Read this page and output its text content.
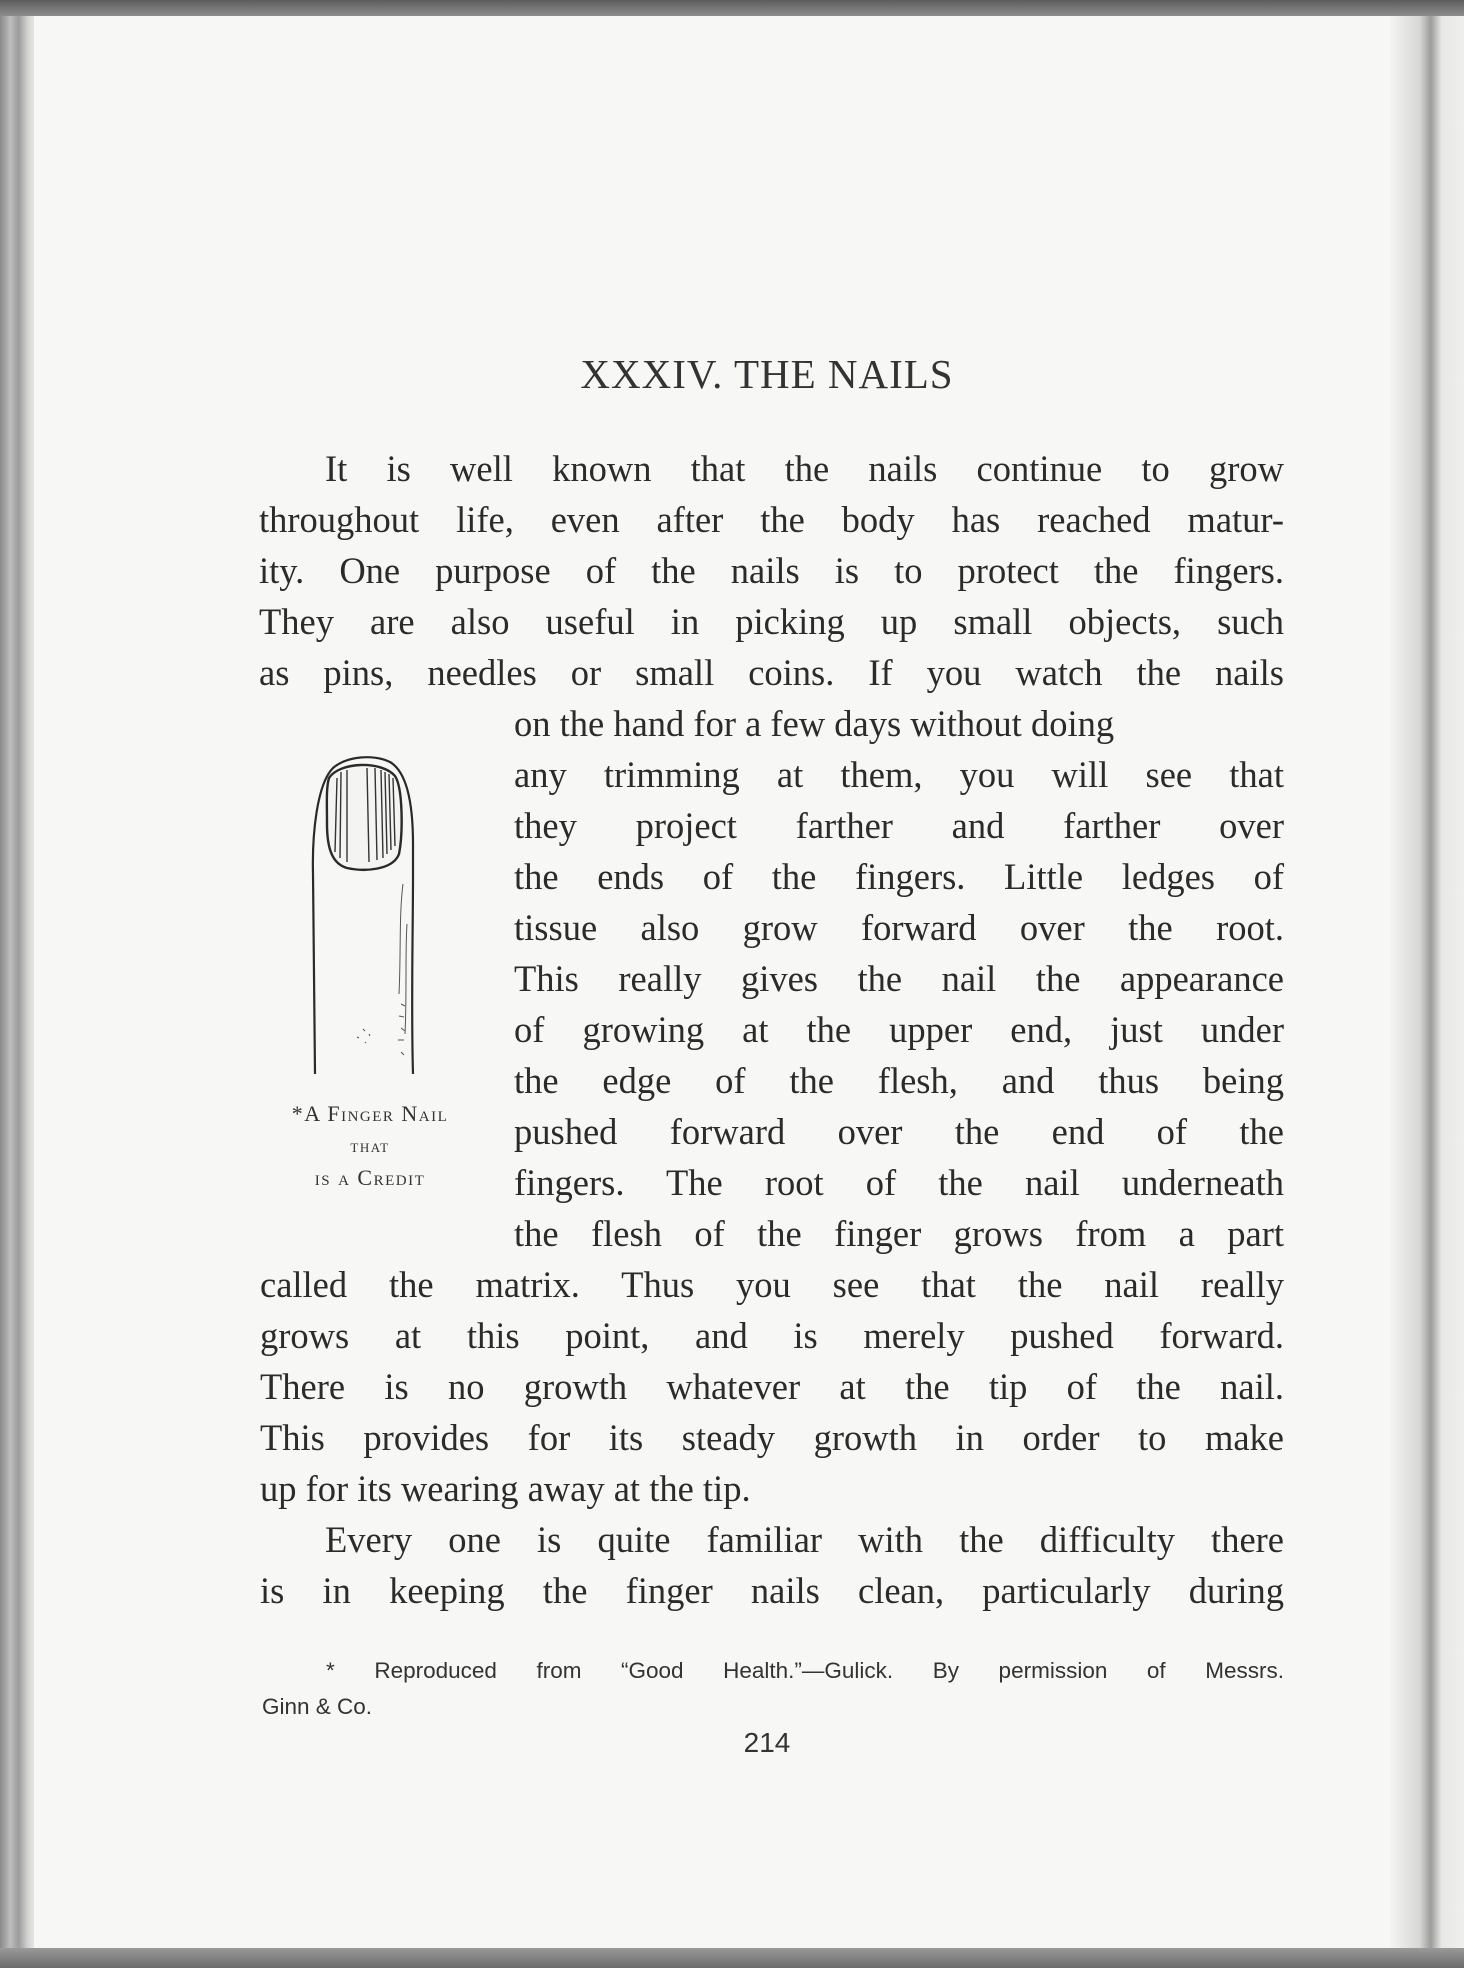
XXXIV. THE NAILS
It is well known that the nails continue to grow
throughout life, even after the body has reached matur-
ity. One purpose of the nails is to protect the fingers.
They are also useful in picking up small objects, such
as pins, needles or small coins. If you watch the nails
on the hand for a few days without doing
any trimming at them, you will see that
they project farther and farther over
the ends of the fingers. Little ledges of
tissue also grow forward over the root.
This really gives the nail the appearance
of growing at the upper end, just under
the edge of the flesh, and thus being
pushed forward over the end of the
fingers. The root of the nail underneath
the flesh of the finger grows from a part
called the matrix. Thus you see that the nail really
grows at this point, and is merely pushed forward.
There is no growth whatever at the tip of the nail.
This provides for its steady growth in order to make
up for its wearing away at the tip.
Every one is quite familiar with the difficulty there
is in keeping the finger nails clean, particularly during
*A Finger Nail
that
is a Credit
* Reproduced from “Good Health.”—Gulick. By permission of Messrs.
Ginn & Co.
214
